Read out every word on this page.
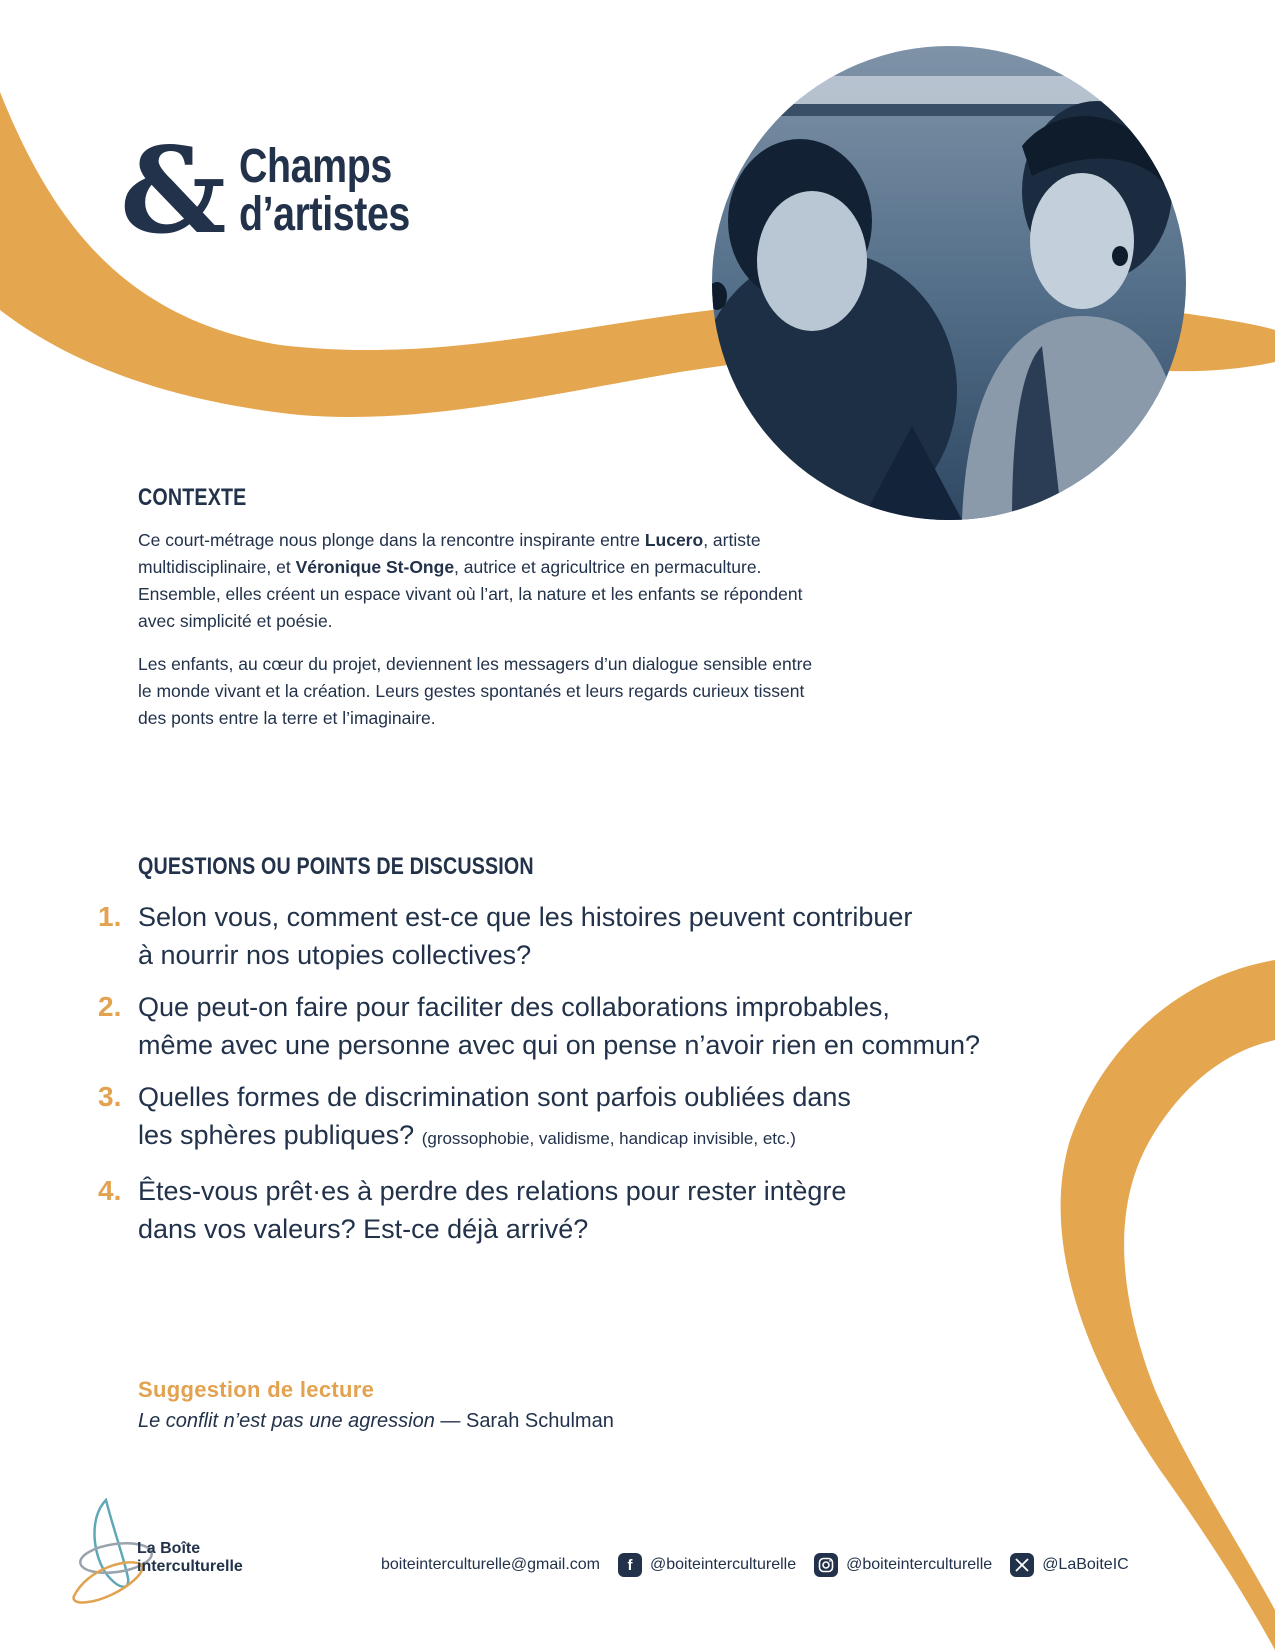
& Champs
d’artistes
CONTEXTE

Ce court-métrage nous plonge dans la rencontre inspirante entre Lucero, artiste multidisciplinaire, et Véronique St-Onge, autrice et agricultrice en permaculture. Ensemble, elles créent un espace vivant où l’art, la nature et les enfants se répondent avec simplicité et poésie.

Les enfants, au cœur du projet, deviennent les messagers d’un dialogue sensible entre le monde vivant et la création. Leurs gestes spontanés et leurs regards curieux tissent des ponts entre la terre et l’imaginaire.

QUESTIONS OU POINTS DE DISCUSSION
1. Selon vous, comment est-ce que les histoires peuvent contribuer
à nourrir nos utopies collectives?
2. Que peut-on faire pour faciliter des collaborations improbables,
même avec une personne avec qui on pense n’avoir rien en commun?
3. Quelles formes de discrimination sont parfois oubliées dans
les sphères publiques? (grossophobie, validisme, handicap invisible, etc.)
4. Êtes-vous prêt·es à perdre des relations pour rester intègre
dans vos valeurs? Est-ce déjà arrivé?
Suggestion de lecture
Le conflit n’est pas une agression — Sarah Schulman
La Boîte
interculturelle	boiteinterculturelle@gmail.com	f	@boiteinterculturelle	@boiteinterculturelle	@LaBoiteIC
